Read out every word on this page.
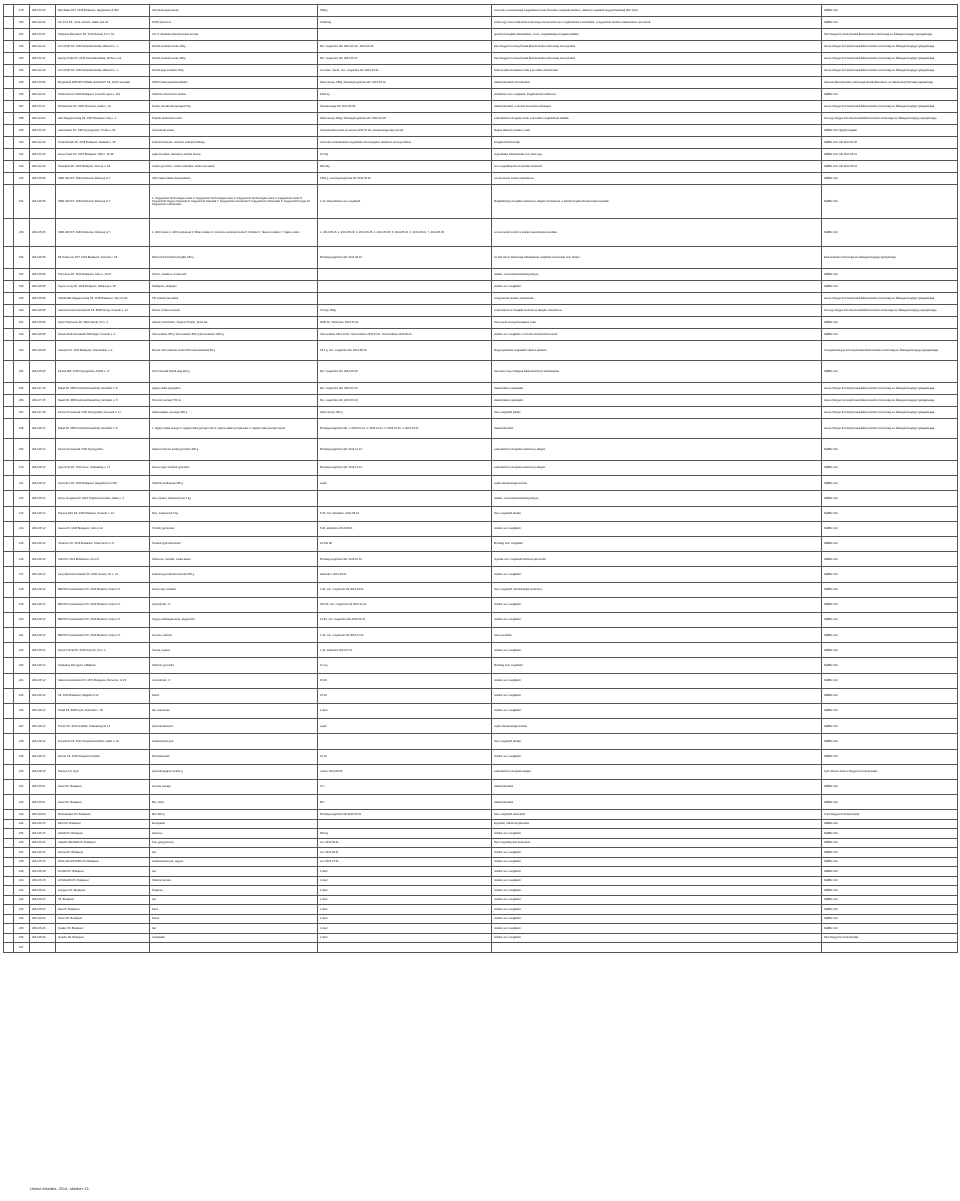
	179.	2014.02.03	Best Bake KFT. 1239 Budapest, Nagykőrösi út 353.	100 hamburgerzsemle	640kg	A termék a szavatossági megjelölésen kívül Útmutató megfelelő tételben, valamint megfelelő fogyaszthatósági időn belül.	NÉBIH-KGI
	180.	2014.02.03	Cin Fruit Kft., 2141 Csömör, Határ utca 16.	NCB narancs lé	14460 kg	A tétel egy részét élelmiszer-biztonsági szempontból nem megfelelőnek minősítették, a fogyasztók részére értékesítésre nem került.	NÉBIH-KGI
	181.	2014.02.07	Szabolcs Élelmiszer Kft. 4144 Darvas, Fő u. 61.	A.K.S. Szabolcs élelmiszeripari termék		Igazolt kivizsgálás időszakában, 11 lot, megfelelőségi vizsgálat céljából.	Pest Megyei Kormányhivatal Élelmiszerlánc-biztonsági és Állategészségügyi Igazgatósága
	182.	2014.02.11	Gh FOOD Kft. 2440 Százhalombatta, Rákoczi u. 1.	Füstölt szeletelt sonka 100g	Min. megőrzési idő: 2014.03.16., 2014.03.18.	Pest Megyei Kormányhivatal Élelmiszerlánc-biztonsági szempontból.	Heves Megyei Kormányhivatal Élelmiszerlánc-biztonsági és Állategészségügyi Igazgatósága
	183.	2014.02.11	Hering-Trade Kft. 2440 Százhalombatta, Kőrösi u. 16.	Füstölt szeletelt sonka 150g	Min. megőrzési idő: 2014.03.17.	Pest Megyei Kormányhivatal Élelmiszerlánc-biztonsági szempontból.	Heves Megyei Kormányhivatal Élelmiszerlánc-biztonsági és Állategészségügyi Igazgatósága
	184.	2014.02.19	Gh FOOD Kft. 2440 Százhalombatta, Rákoczi u. 1.	Füstölt tarja szeletelt 100g	Lot szám: 4ac11, min. megőrzési idő: 2014.03.31.	Szalmonella kimutatása miatt a terméket visszahívták.	Heves Megyei Kormányhivatal Élelmiszerlánc-biztonsági és Állategészségügyi Igazgatósága
	185.	2014.03.06	Burgerland IMPORT-TRADE HUNGARY Kft. 2016 Leányfalu	OSKO tökös paprikás kolbász	Nettó tömeg: 180g, Minőségmegőrzési idő: 2014.03.12.	Határérték feletti nitrit-tartalom.	Hamvas Élelmiszerlánc-biztonsági Hivatal Élelmiszer- és Takarmánybiztonsági Igazgatóság
	186.	2014.03.12	Szabó Ferenc 2200 Budapest, Kossuth Lajos u. 161.	Szárított, fűszerezett vadhús	1520 kg	Jelölésben nem megfelelő, forgalmazása korlátozva.	NÉBIH-KGI
	187.	2014.04.17	Petrák Pack Kft. 4400 Kistarcsa, Határ u. 13.	Sonka, búzalisztes felvágott 75g	Szavatossági idő: 2014.05.05.	Határérték felett, a termék bevonása szükséges.	Heves Megyei Kormányhivatal Élelmiszerlánc-biztonsági és Állategészségügyi Igazgatósága
	188.	2014.04.24	LEIL Magyarország Kft. 1037 Budapest, Zay u. 4.	Pulykás ételízesítő szósz	Nettó tömeg: 660g, Minőségmegőrzési idő: 2016.02.28.	Laboratóriumi vizsgálat során a terméket megfelelőnek találták.	Somogy Megyei Kormányhivatal Élelmiszerlánc-biztonsági és Állategészségügyi Igazgatósága
	189.	2014.04.30	Gabonakert Kft. 4400 Nyíregyháza, Tünde u. 45.	Gyümölcslé szelet	Visszahívásra került az összes 2014.04.22. szavatossági idejű termék	Magas aflatoxin tartalom miatt.	NÉBIH-KGI Ügyfélszolgálat
	190.	2014.04.30	Terrai Mozaik Kft. 2118 Budapest, Nádasdi u. 25.	szárított fűszerek, szárított, szárított zöldség	A termék a határértéket meghaladó mennyiségben tartalmaz szennyeződést.	Forgalomból kivonták.	NÉBIH-KGI, KÉ 2014.04.30
	191.	2014.04.30	Asma Trade Kft. 1007 Budapest, Üllői u. 45-46.	saját termékek, lesbulyos, tésztás hüvely	10,7kg	Jogszabályi előírásoknak nem felel meg.	NÉBIH-KGI, KÉ 2014.05.01
	192.	2014.04.30	Hepsiland Kft. 1103 Budapest, Kozma u. 18.	ízetlen gyümölcs, ízetlen szárítása, ízetlen termékek	960,4kg	nem engedélyezett színezéket tartalmaz	NÉBIH-KGI, KÉ 2014.05.01
	193.	2014.05.05	NMR HD KFT. 4030 Debrecen Diószegi út 7.	ARO sajtos töltött szárnyasfasírt	1360 g, minőségmegőrzési idő 2014.05.31.	Lot azonosító szerint visszahívva.	NÉBIH-KGI
	194.	2014.05.05	NMR HD KFT. 4030 Debrecen Diószegi út 7.	1. Fagyasztott Technológiai szelet 2. Fagyasztott Technológiai szelet 3. Fagyasztott Technológiai szelet 4. Fagyasztott csirke 5. Fagyasztott Vegyes hússzelet 6. Fagyasztott halrudak 7. Fagyasztott natúrszelet 8. Fagyasztott csirkeszelet 9. Fagyasztott burger 10. Fagyasztott marhaszelet	1-10. tétel jelölése nem megfelelő	Megfelelőségi vizsgálat eredménye alapján visszahívva, a tételek forgalomból kivonásra kerültek.	NÉBIH-KGI
	195.	2014.05.05	NMR HD KFT. 4030 Debrecen Diószegi út 7.	1. ARO szelet 2. ARO pulykamell 3. Milan szalámi 4. Fűszeres szeletelt sonka 5. Kolbász 6. Tavaszi szalámi 7. Sajtos szelet	1. 2014.05.15. 2. 2014.05.20. 3. 2014.05.25. 4. 2014.05.25. 5. 2014.05.30. 6. 2014.06.01. 7. 2014.06.05.	Lot azonosító szerint a tételek visszahívásra kerültek.	NÉBIH-KGI
	196.	2014.05.05	Rit Trade Gro KFT. 1203 Budapest, Kossuth u. 18.	RIGA GOLD füstölt heringfilé 180 g	Minőségmegőrzési idő: 2014.06.10.	Az élelmiszer-biztonsági előírásoknak megfelelő azonosítás nem történt.	Élelmiszerlánc-biztonsági és Állategészségügyi Igazgatóság
	197.	2014.05.05	Tök-home Kft. 1103 Budapest, Kőér u. 19-27.	Sózott, mustáros, hústermék		Jelölés, nyomonkövethetőség hiánya.	NÉBIH-KGI
	198.	2014.05.05	Jeg-ho Long Kft. 1102 Budapest, Kőbányai u. 25.	Sütőlapok, sütőpapír		Jelölés nem megfelelő.	NÉBIH-KGI
	199.	2014.05.06	UNILEVER Magyarország Kft. 1138 Budapest, Váci út 121.	TIP szárított termékek		A fogyasztók részére visszahívás.	Heves Megyei Kormányhivatal Élelmiszerlánc-biztonsági és Állategészségügyi Igazgatósága
	200.	2014.05.06	Gabonás Fűszerkereskedő Kft. 8948 Dorog, Kossuth u. 14.	Fűszer, Fűszer keverék	Tömeg: 500g	A laboratóriumi vizsgálat eredménye alapján visszahívva.	Somogy Megyei Kormányhivatal Élelmiszerlánc-biztonsági és Állategészségügyi Igazgatósága
	201.	2014.05.06	Sport Pharmacie Kft. 9600 Sárvár, Fő u. 2.	Vitamin Gold Fresh, Organic Protein, Sport ital	2000 db, Tételszám: 2014.01.01.	Szennyező anyag kimutatása miatt.	NÉBIH-KGI
	202.	2014.05.06	Kerkai Zsolt Kereskedő 3300 Eger, Kossuth u. 4.	Szemeskávé 250 g Szemeskávé 500 g Szemeskávé 1000 g	Szemeskávé 2014.12.01. Szemeskávé 2015.01.01. Szemeskávé 2015.02.01.	Jelölés nem megfelelő, a termék visszahívásra került.	NÉBIH-KGI
	203.	2014.05.09	Carowis Kft. 1033 Budapest, Szentendrei u. 4.	Mondo Club szárított sonka 50% kukoricaliszttel 80 g	18,0 g, min. megőrzési idő: 2014.08.15.	Megengedettnél magasabb nátrium-tartalom.	Csongrád Megyei Kormányhivatal Élelmiszerlánc-biztonsági és Állategészségügyi Igazgatósága
	204.	2014.05.09	Fanhal ZRt. 4700 Nyíregyháza, Petőfi u. 17.	Oriol szeletelt füstölt tarja 400 g	Min. megőrzési idő: 2014.06.30.	Nem felel meg a Magyar Élelmiszerkönyv előírásainak.	NÉBIH-KGI
	205.	2014.07.15	Rapid Kft. 6800 Hódmezővásárhely, Erzsébet u. 5.	Agárpo Zalai pezsgőbor	Min. megőrzési idő: 2015.03.10.	Határértéket meghaladó.	Heves Megyei Kormányhivatal Élelmiszerlánc-biztonsági és Állategészségügyi Igazgatósága
	206.	2014.07.15	Rapid Kft. 6800 Hódmezővásárhely, Erzsébet u. 5.	Premium pezsgő 750 ml	Min. megőrzési idő: 2015.03.10.	Határértéket meghaladó.	Heves Megyei Kormányhivatal Élelmiszerlánc-biztonsági és Állategészségügyi Igazgatósága
	207.	2014.07.18	Farmer Kereskedő 4700 Nyíregyháza, Hunyadi u. 17.	Gabonaalapú csemege 500 g	Nettó tömeg: 500 g	Nem megfelelő jelölés.	Heves Megyei Kormányhivatal Élelmiszerlánc-biztonsági és Állategészségügyi Igazgatósága
	208.	2014.08.12	Rapid Kft. 6800 Hódmezővásárhely, Erzsébet u. 5.	1. Agárpo Zalai pezsgő 2. Agárpo Zalai pezsgő rosé 3. Agárpo Zalai pezsgő édes 4. Agárpo Zalai pezsgő száraz	Minőségmegőrzési idő: 1. 2015.01.01. 2. 2015.01.01. 3. 2015.01.01. 4. 2015.01.01.	Határérték felett.	Heves Megyei Kormányhivatal Élelmiszerlánc-biztonsági és Állategészségügyi Igazgatósága
	209.	2014.08.12	Farmer Kereskedő 4700 Nyíregyháza	Gabona Farmer aszalt gyümölcs 200 g	Minőségmegőrzési idő: 2014.12.31.	Laboratóriumi vizsgálat eredménye alapján.	NÉBIH-KGI
	210.	2014.08.12	Agro-Fruit Kft. 7013 Cece, Szabadság u. 17.	Farmer Agro szárított gyümölcs	Minőségmegőrzési idő: 2014.12.31.	Laboratóriumi vizsgálat eredménye alapján.	NÉBIH-KGI
	211.	2014.08.12	Gyümölcs Kft. 1239 Budapest, Nagykőrösi út 353.	Szárított őszibarack 250 g	Lejárt	Lejárt szavatosságú termék.	NÉBIH-KGI
	212.	2014.08.12	Ferox Hungária Kft. 2310 Szigetszentmiklós, Határ u. 4.	Hús, húsáru, Tartósított hús 1 kg		Jelölés, nyomonkövethetőség hiánya.	NÉBIH-KGI
	213.	2014.08.12	Rupesa Rizs Kft. 2300 Ráckeve, Kossuth u. 12.	Rizs, rizskeverék 5 kg	5 db, rizs, tételszám: 2014.08.01.	Nem megfelelő tárolás.	NÉBIH-KGI
	214.	2014.08.12	Gauss Kft. 1138 Budapest, Váci út 12.	Tönköly gumicukor	5 db, tételszám 2014.08.01.	Jelölés nem megfelelő.	NÉBIH-KGI
	215.	2014.08.12	Cinderon Kft. 1215 Budapest, Szabó Ervin u. 8.	Ízesített gyümölcsszelet	22 000 db	Minőség nem megfelelő.	NÉBIH-KGI
	216.	2014.08.12	2113 Kft. 2113 Erdőkertes, Fő út 5.	Kókuszos, vaníliás, csokis keksz	Minőségmegőrzési idő: 2015.01.01.	Gyártás nem megfelelő körülmények között.	NÉBIH-KGI
	217.	2014.08.12	Lány Élelmiszerüzletek Kft. 2220 Vecsés, Fő u. 14.	szárított gyümölcsös keverék 500 g	tételszám: 2014.06.01.	Jelölés nem megfelelő.	NÉBIH-KGI
	218.	2014.08.12	METRO Kereskedelmi Kft. 2040 Budaörs, Kelet út 3.	aroma sajt, szeletelt	4 db, min. megőrzési idő 2014.09.01.	Nem megfelelő mikrobiológiai eredmény.	NÉBIH-KGI
	219.	2014.08.12	METRO Kereskedelmi Kft. 2040 Budaörs, Kelet út 3.	Gyümölcslé, 1 l	200 db, min. megőrzési idő 2015.01.01.	Jelölés nem megfelelő.	NÉBIH-KGI
	220.	2014.08.12	METRO Kereskedelmi Kft. 2040 Budaörs, Kelet út 3.	Vegyes zöldségkeverék, fagyasztott	13 db, min. megőrzési idő 2015.06.01.	Jelölés nem megfelelő.	NÉBIH-KGI
	221.	2014.08.12	METRO Kereskedelmi Kft. 2040 Budaörs, Kelet út 3.	Gomba, szárított	1 db, min. megőrzési idő 2015.01.01.	Szennyeződés.	NÉBIH-KGI
	222.	2014.08.12	Feszti Tészta Kft. 2230 Gyömrő, Fő u. 1.	Tészta, tojásos	1 db, tételszám 2014.07.01.	Jelölés nem megfelelő.	NÉBIH-KGI
	223.	2014.08.12	Szabados Pál egyéni vállalkozó	Szárított gyümölcs	6,1 kg	Minőség nem megfelelő.	NÉBIH-KGI
	224.	2014.08.12	Salsa Kereskedelmi Kft. 1071 Budapest, Dózsa Gy. út 15.	Gyümölcslé, 1 l	15 db	Jelölés nem megfelelő.	NÉBIH-KGI
	225.	2014.08.12	Kft. 1106 Budapest, Maglódi út 12.	Keksz	15 db	Jelölés nem megfelelő.	NÉBIH-KGI
	226.	2014.08.12	Tankó Kft. 9028 Győr, Fehérvári u. 18.	Ital, szénsavas	1 tétel	Jelölés nem megfelelő.	NÉBIH-KGI
	227.	2014.08.12	Primer Kft. 2100 Gödöllő, Szabadság tér 14.	Gyümölcskonzerv	Lejárt	Lejárt szavatosságú termék.	NÉBIH-KGI
	228.	2014.08.12	Primefood Kft. 2310 Szigetszentmiklós, Határ u. 16.	Húskészítmények		Nem megfelelő tárolás.	NÉBIH-KGI
	229.	2014.08.12	Fűszer Kft. 2310 Szigetszentmiklós	Fűszerkeverék	10 db	Jelölés nem megfelelő.	NÉBIH-KGI
	230.	2014.08.19	Danone Kft. Győr	Gyümölcsjoghurt 4x100 g	4 tétel, 2014.08.30.	Laboratóriumi vizsgálat alapján.	Győr-Moson-Sopron Megyei Kormányhivatal
	231.	2014.09.01	Séles Kft. Budapest	Aromás pezsgő	70 l	Határérték felett.	NÉBIH-KGI
	232.	2014.09.01	Séles Kft. Budapest	Bor, vörös	80 l	Határérték felett.	NÉBIH-KGI
	233.	2014.09.04	Mézeskalács Kft. Budapest	Méz 500 g	Minőségmegőrzési idő 2015.09.01.	Nem megfelelő összetétel.	Tolna Megyei Kormányhivatal
	234.	2014.09.15	ERU Kft. Budapest	Energiaital		Engedély nélküli forgalmazás.	NÉBIH-KGI
	235.	2014.09.15	Globál Kft. Budapest	Kekszes	500 kg	Jelölés nem megfelelő.	NÉBIH-KGI
	236.	2014.09.15	CLEAR CENTER Kft. Budapest	Tea, gyógynövény	Lot: 2014.05.01.	Nem engedélyezett összetevő.	NÉBIH-KGI
	237.	2014.09.15	Dorina Kft. Budapest	Ital	Lot: 2014.06.01.	Jelölés nem megfelelő.	NÉBIH-KGI
	238.	2014.09.15	DOLLAR HOLDING Kft. Budapest	Húskészítmények, vegyes	Lot: 2014.07.01.	Jelölés nem megfelelő.	NÉBIH-KGI
	239.	2014.09.18	FLORA Kft. Budapest	Ital	1 tétel	Jelölés nem megfelelő.	NÉBIH-KGI
	240.	2014.09.18	HUNGARO Kft. Budapest	Szárított termék	1 tétel	Jelölés nem megfelelő.	NÉBIH-KGI
	241.	2014.09.24	Hungaro Kft. Budapest	Pogácsa	1 tétel	Jelölés nem megfelelő.	NÉBIH-KGI
	242.	2014.09.24	Kft. Budapest	Ital	1 tétel	Jelölés nem megfelelő.	NÉBIH-KGI
	243.	2014.09.24	Sita Kft. Budapest	Kávé	1 tétel	Jelölés nem megfelelő.	NÉBIH-KGI
	244.	2014.09.24	Tesco Kft. Budapest	Keksz	1 tétel	Jelölés nem megfelelő.	NÉBIH-KGI
	245.	2014.09.26	Quality Kft. Budapest	Ital	1 tétel	Jelölés nem megfelelő.	NÉBIH-KGI
	246.	2014.09.26	Quattro Kft. Budapest	Csokoládé	1 tétel	Jelölés nem megfelelő.	Pest Megyei Kormányhivatal
	247.						
Utolsó frissítés: 2014. október 13.
